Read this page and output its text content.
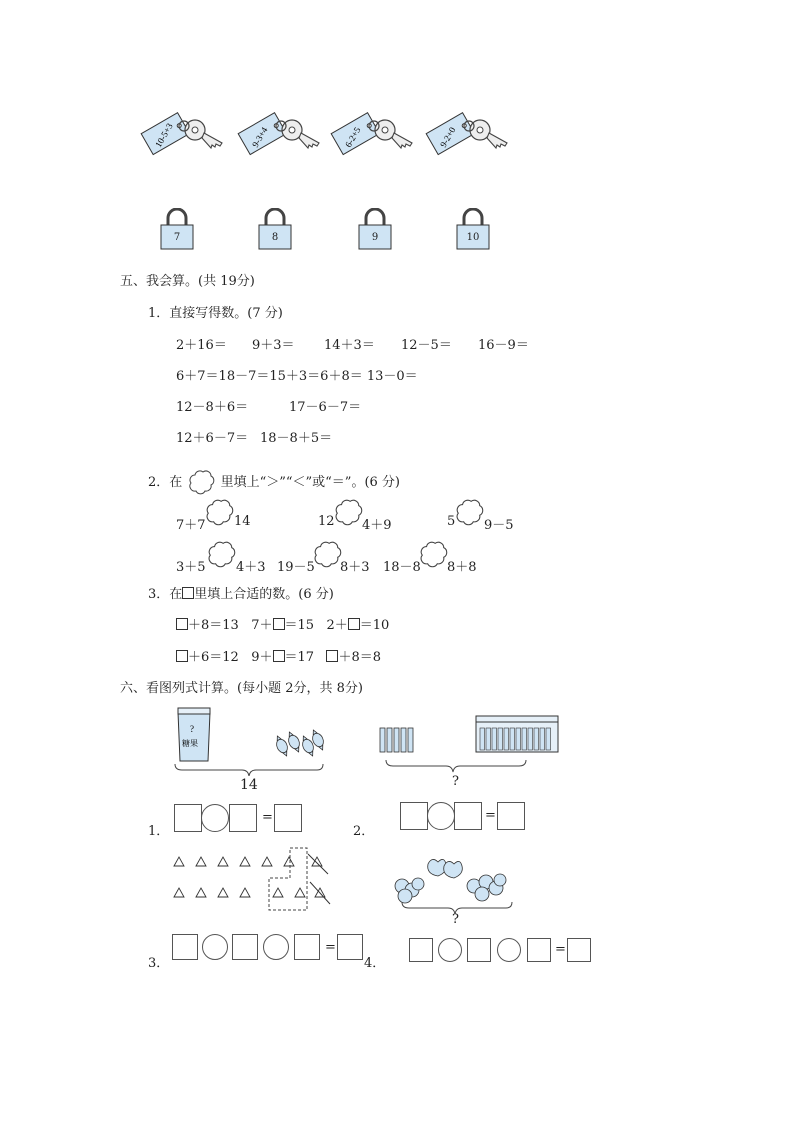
10-5+3	9-3+4	6-2+5	9-2+0
7	8	9	10
五、我会算。(共 19分)
1．直接写得数。(7 分)
2＋16＝ 9＋3＝ 14＋3＝ 12－5＝ 16－9＝
6＋7＝18－7＝15＋3＝6＋8＝ 13－0＝
12－8＋6＝	17－6－7＝
12＋6－7＝ 18－8＋5＝
2．在	里填上“＞”“＜”或“＝”。(6 分)
7＋7 14	12 4＋9	5 9－5
3＋5 4＋3 19－5 8＋3 18－8 8＋8
3．在 里填上合适的数。(6 分)
＋8＝13 7＋ ＝15 2＋ ＝10
＋6＝12 9＋ ＝17 ＋8＝8
六、看图列式计算。(每小题 2分，共 8分)
?
糖果
14	?
1．
=
2．
=
?
3．
=
4．
=
